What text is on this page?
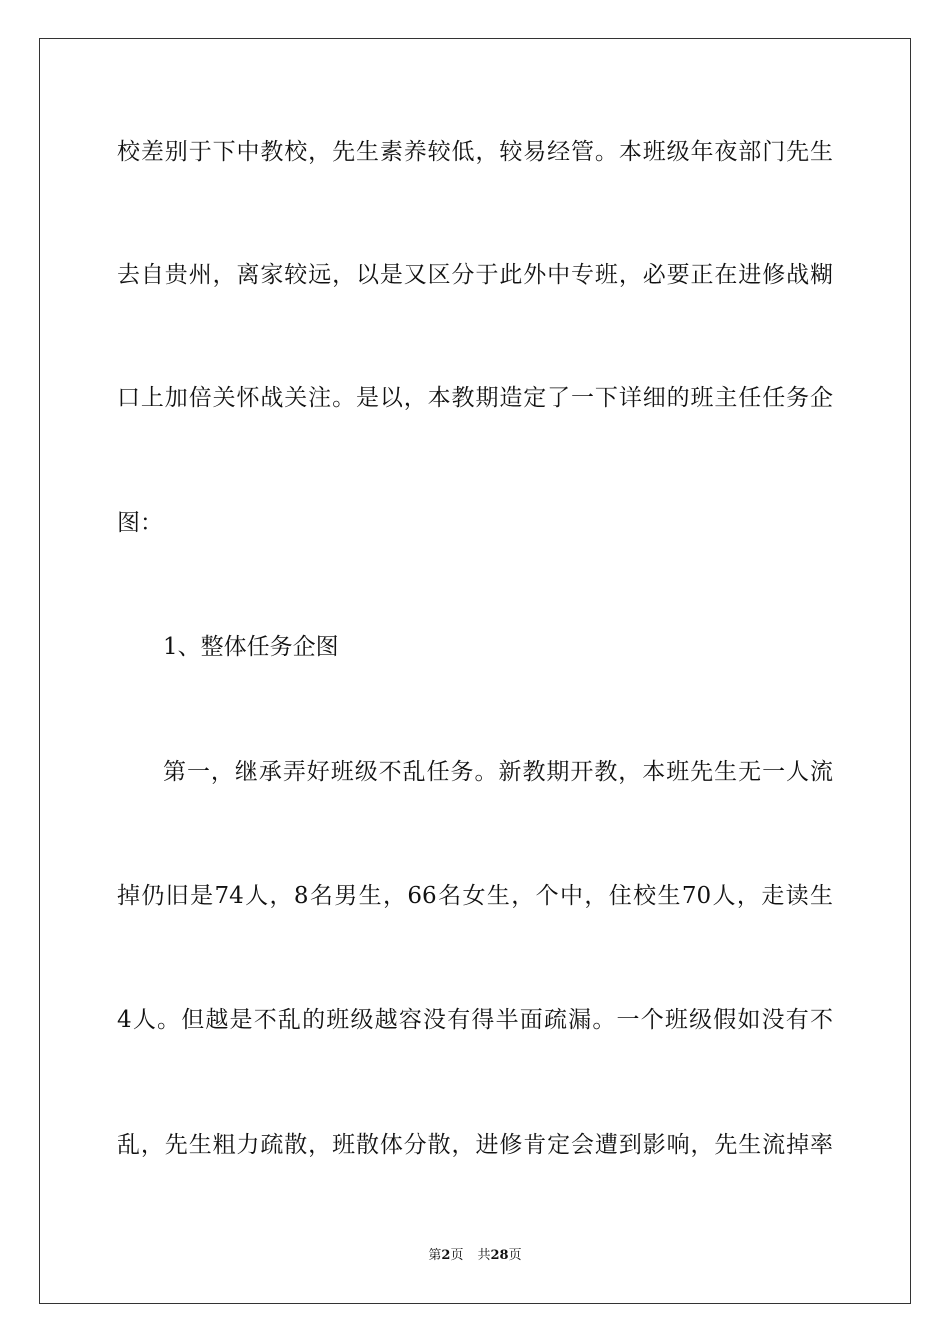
校差别于下中教校，先生素养较低，较易经管。本班级年夜部门先生
去自贵州，离家较远，以是又区分于此外中专班，必要正在进修战糊
口上加倍关怀战关注。是以，本教期造定了一下详细的班主任任务企
图：
1、整体任务企图
第一，继承弄好班级不乱任务。新教期开教，本班先生无一人流
掉仍旧是74人，8名男生，66名女生，个中，住校生70人，走读生
4人。但越是不乱的班级越容没有得半面疏漏。一个班级假如没有不
乱，先生粗力疏散，班散体分散，进修肯定会遭到影响，先生流掉率
第2页 共28页
